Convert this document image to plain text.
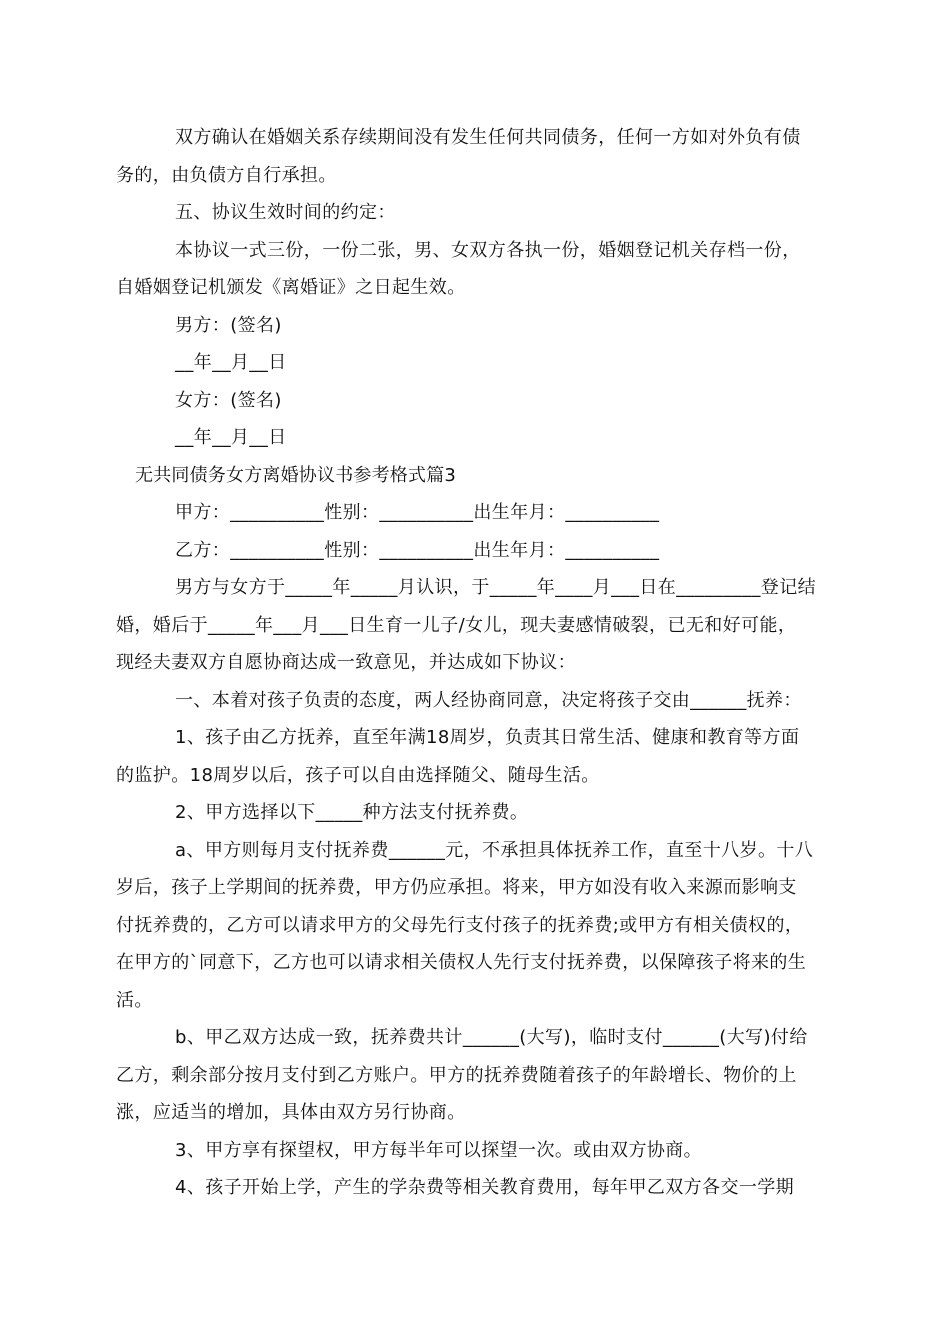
双方确认在婚姻关系存续期间没有发生任何共同债务，任何一方如对外负有债
务的，由负债方自行承担。
五、协议生效时间的约定：
本协议一式三份，一份二张，男、女双方各执一份，婚姻登记机关存档一份，
自婚姻登记机颁发《离婚证》之日起生效。
男方：(签名)
__年__月__日
女方：(签名)
__年__月__日
无共同债务女方离婚协议书参考格式篇3
甲方：__________性别：__________出生年月：__________
乙方：__________性别：__________出生年月：__________
男方与女方于_____年_____月认识，于_____年____月___日在_________登记结
婚，婚后于_____年___月___日生育一儿子/女儿，现夫妻感情破裂，已无和好可能，
现经夫妻双方自愿协商达成一致意见，并达成如下协议：
一、本着对孩子负责的态度，两人经协商同意，决定将孩子交由______抚养：
1、孩子由乙方抚养，直至年满18周岁，负责其日常生活、健康和教育等方面
的监护。18周岁以后，孩子可以自由选择随父、随母生活。
2、甲方选择以下_____种方法支付抚养费。
a、甲方则每月支付抚养费______元，不承担具体抚养工作，直至十八岁。十八
岁后，孩子上学期间的抚养费，甲方仍应承担。将来，甲方如没有收入来源而影响支
付抚养费的，乙方可以请求甲方的父母先行支付孩子的抚养费;或甲方有相关债权的，
在甲方的`同意下，乙方也可以请求相关债权人先行支付抚养费，以保障孩子将来的生
活。
b、甲乙双方达成一致，抚养费共计______(大写)，临时支付______(大写)付给
乙方，剩余部分按月支付到乙方账户。甲方的抚养费随着孩子的年龄增长、物价的上
涨，应适当的增加，具体由双方另行协商。
3、甲方享有探望权，甲方每半年可以探望一次。或由双方协商。
4、孩子开始上学，产生的学杂费等相关教育费用，每年甲乙双方各交一学期
